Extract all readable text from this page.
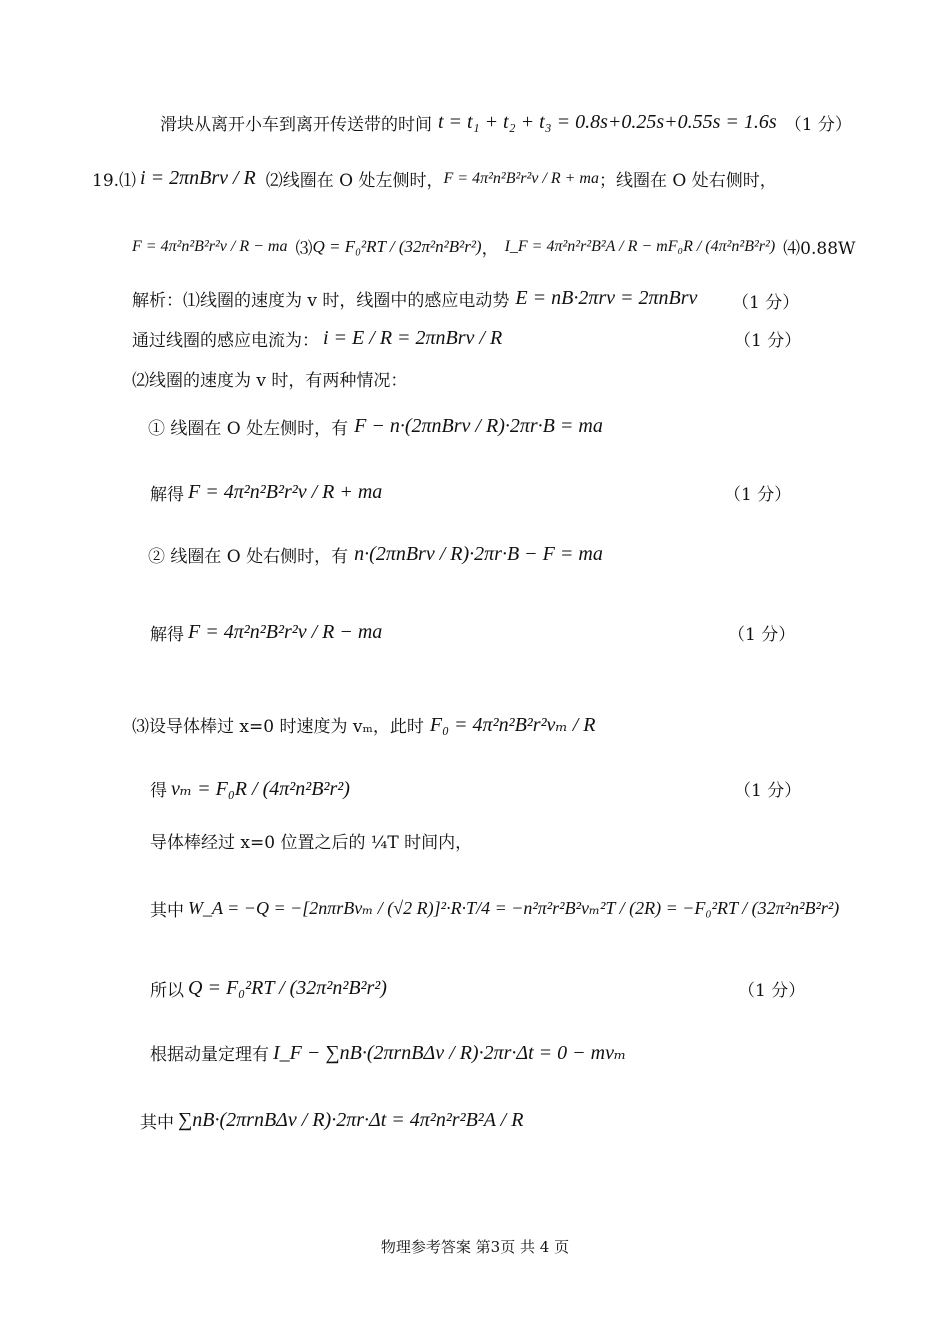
滑块从离开小车到离开传送带的时间 t = t₁ + t₂ + t₃ = 0.8s+0.25s+0.55s = 1.6s （1 分）
19.⑴ i = 2πnBrv / R ⑵线圈在 O 处左侧时， F = 4π²n²B²r²v / R + ma ；线圈在 O 处右侧时，
F = 4π²n²B²r²v / R − ma ⑶ Q = F₀²RT / (32π²n²B²r²) ， I_F = 4π²n²r²B²A / R − mF₀R / (4π²n²B²r²) ⑷0.88W
解析：⑴线圈的速度为 v 时，线圈中的感应电动势 E = nB·2πrv = 2πnBrv （1 分）
通过线圈的感应电流为： i = E / R = 2πnBrv / R	（1 分）
⑵线圈的速度为 v 时，有两种情况：
① 线圈在 O 处左侧时，有 F − n·(2πnBrv / R)·2πr·B = ma
解得 F = 4π²n²B²r²v / R + ma	（1 分）
② 线圈在 O 处右侧时，有 n·(2πnBrv / R)·2πr·B − F = ma
解得 F = 4π²n²B²r²v / R − ma	（1 分）
⑶设导体棒过 x=0 时速度为 vₘ，此时 F₀ = 4π²n²B²r²vₘ / R
得 vₘ = F₀R / (4π²n²B²r²)	（1 分）
导体棒经过 x=0 位置之后的 ¼T 时间内，
其中 W_A = −Q = −[2nπrBvₘ / (√2 R)]²·R·T/4 = −n²π²r²B²vₘ²T / (2R) = −F₀²RT / (32π²n²B²r²)
所以 Q = F₀²RT / (32π²n²B²r²)	（1 分）
根据动量定理有 I_F − ∑nB·(2πrnBΔv / R)·2πr·Δt = 0 − mvₘ
其中 ∑nB·(2πrnBΔv / R)·2πr·Δt = 4π²n²r²B²A / R
物理参考答案 第3页 共 4 页
